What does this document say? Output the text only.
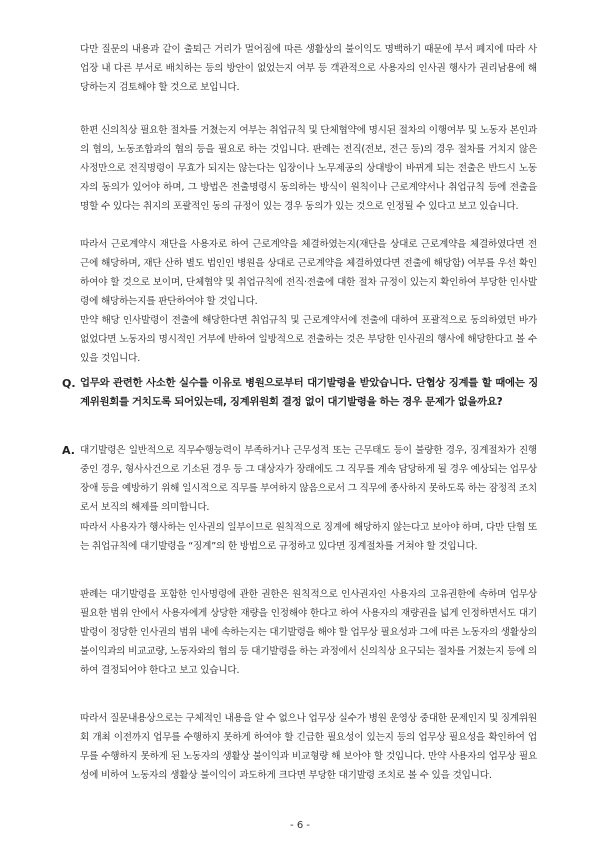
다만 질문의 내용과 같이 출퇴근 거리가 멀어짐에 따른 생활상의 불이익도 명백하기 때문에 부서 폐지에 따라 사업장 내 다른 부서로 배치하는 등의 방안이 없었는지 여부 등 객관적으로 사용자의 인사권 행사가 권리남용에 해당하는지 검토해야 할 것으로 보입니다.

한편 신의칙상 필요한 절차를 거쳤는지 여부는 취업규칙 및 단체협약에 명시된 절차의 이행여부 및 노동자 본인과의 협의, 노동조합과의 협의 등을 필요로 하는 것입니다. 판례는 전직(전보, 전근 등)의 경우 절차를 거치지 않은 사정만으로 전직명령이 무효가 되지는 않는다는 입장이나 노무제공의 상대방이 바뀌게 되는 전출은 반드시 노동자의 동의가 있어야 하며, 그 방법은 전출명령시 동의하는 방식이 원칙이나 근로계약서나 취업규칙 등에 전출을 명할 수 있다는 취지의 포괄적인 동의 규정이 있는 경우 동의가 있는 것으로 인정될 수 있다고 보고 있습니다.

따라서 근로계약시 재단을 사용자로 하여 근로계약을 체결하였는지(재단을 상대로 근로계약을 체결하였다면 전근에 해당하며, 재단 산하 별도 법인인 병원을 상대로 근로계약을 체결하였다면 전출에 해당함) 여부를 우선 확인하여야 할 것으로 보이며, 단체협약 및 취업규칙에 전직·전출에 대한 절차 규정이 있는지 확인하여 부당한 인사발령에 해당하는지를 판단하여야 할 것입니다.

만약 해당 인사발령이 전출에 해당한다면 취업규칙 및 근로계약서에 전출에 대하여 포괄적으로 동의하였던 바가 없었다면 노동자의 명시적인 거부에 반하여 일방적으로 전출하는 것은 부당한 인사권의 행사에 해당한다고 볼 수 있을 것입니다.

Q. 업무와 관련한 사소한 실수를 이유로 병원으로부터 대기발령을 받았습니다. 단협상 징계를 할 때에는 징계위원회를 거치도록 되어있는데, 징계위원회 결정 없이 대기발령을 하는 경우 문제가 없을까요?

A. 대기발령은 일반적으로 직무수행능력이 부족하거나 근무성적 또는 근무태도 등이 불량한 경우, 징계절차가 진행 중인 경우, 형사사건으로 기소된 경우 등 그 대상자가 장래에도 그 직무를 계속 담당하게 될 경우 예상되는 업무상 장애 등을 예방하기 위해 일시적으로 직무를 부여하지 않음으로서 그 직무에 종사하지 못하도록 하는 잠정적 조치로서 보직의 해제를 의미합니다.

따라서 사용자가 행사하는 인사권의 일부이므로 원칙적으로 징계에 해당하지 않는다고 보아야 하며, 다만 단협 또는 취업규칙에 대기발령을 “징계”의 한 방법으로 규정하고 있다면 징계절차를 거쳐야 할 것입니다.

판례는 대기발령을 포함한 인사명령에 관한 권한은 원칙적으로 인사권자인 사용자의 고유권한에 속하며 업무상 필요한 범위 안에서 사용자에게 상당한 재량을 인정해야 한다고 하여 사용자의 재량권을 넓게 인정하면서도 대기발령이 정당한 인사권의 범위 내에 속하는지는 대기발령을 해야 할 업무상 필요성과 그에 따른 노동자의 생활상의 불이익과의 비교교량, 노동자와의 협의 등 대기발령을 하는 과정에서 신의칙상 요구되는 절차를 거쳤는지 등에 의하여 결정되어야 한다고 보고 있습니다.

따라서 질문내용상으로는 구체적인 내용을 알 수 없으나 업무상 실수가 병원 운영상 중대한 문제인지 및 징계위원회 개최 이전까지 업무를 수행하지 못하게 하여야 할 긴급한 필요성이 있는지 등의 업무상 필요성을 확인하여 업무를 수행하지 못하게 된 노동자의 생활상 불이익과 비교형량 해 보아야 할 것입니다. 만약 사용자의 업무상 필요성에 비하여 노동자의 생활상 불이익이 과도하게 크다면 부당한 대기발령 조치로 볼 수 있을 것입니다.

- 6 -
